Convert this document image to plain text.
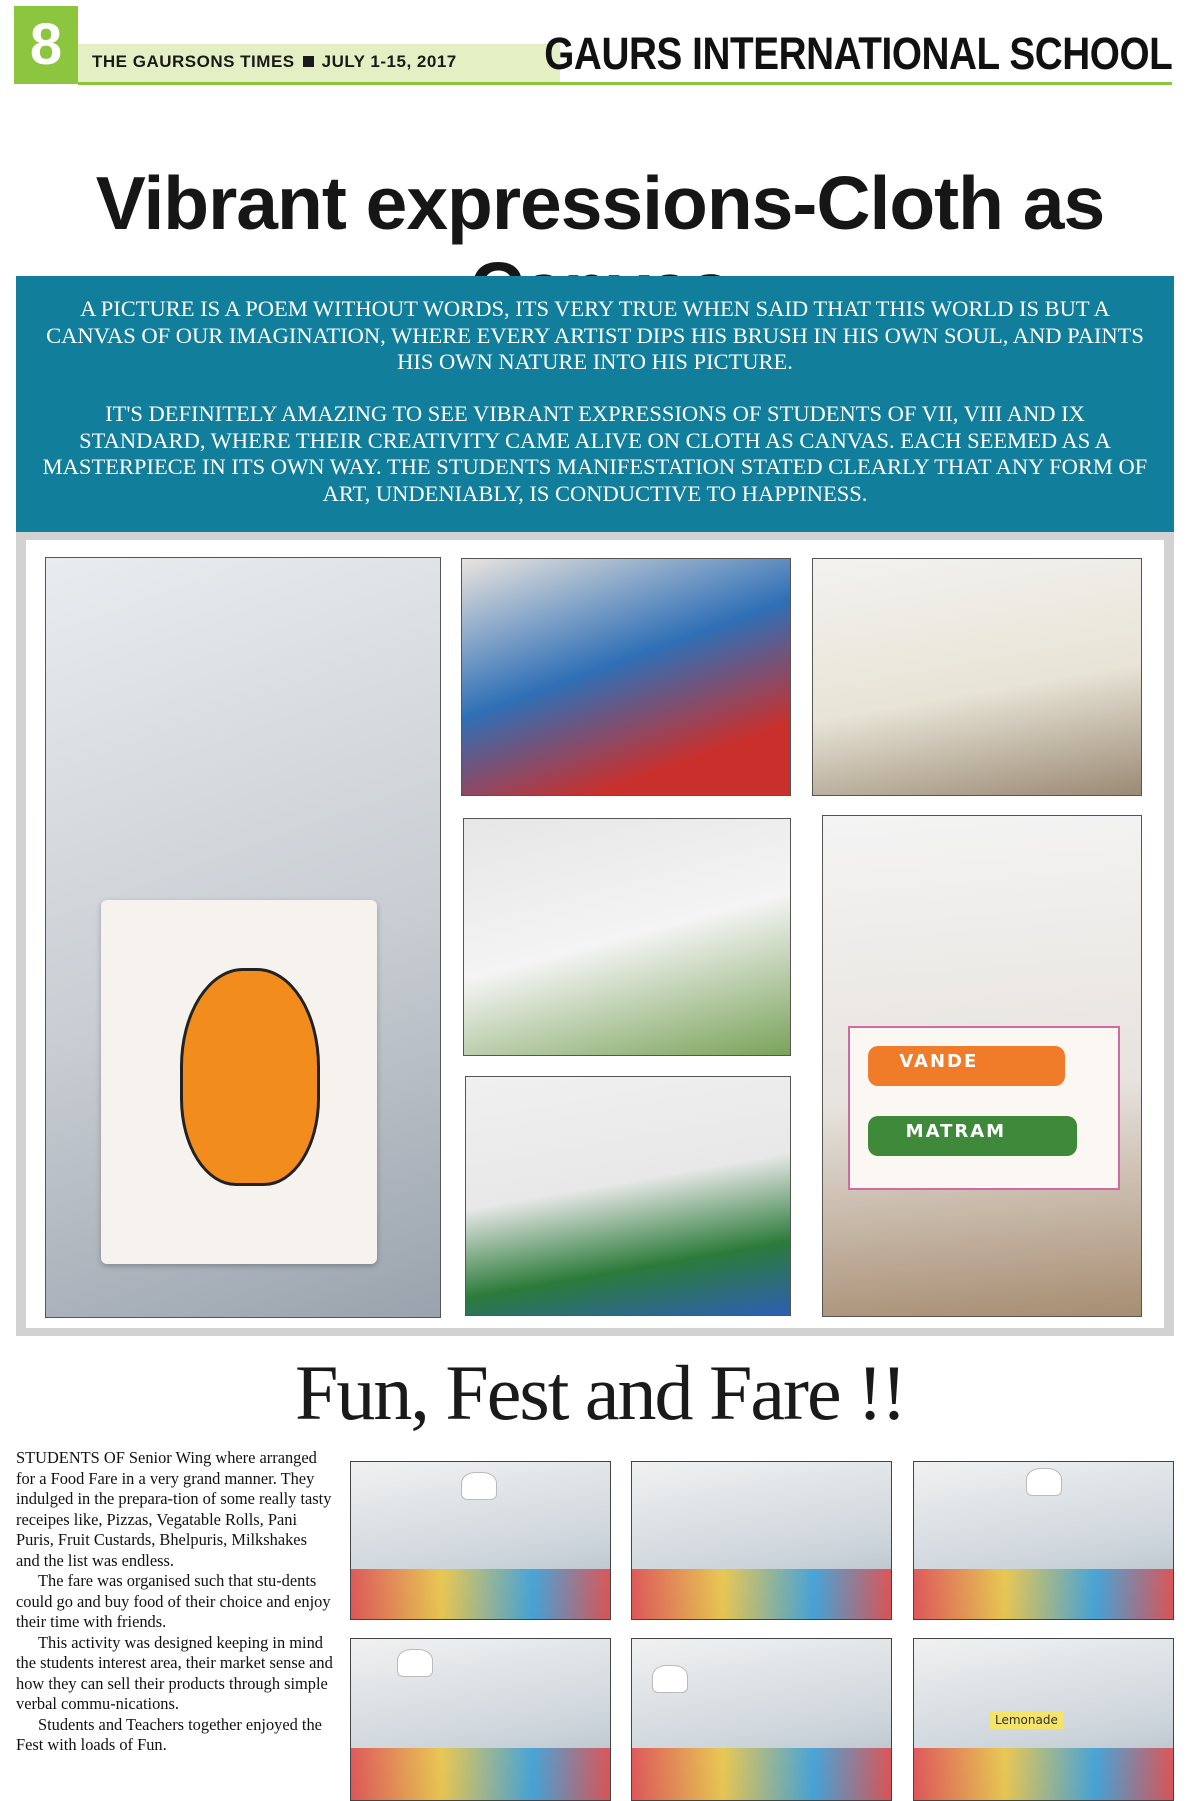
8	THE GAURSONS TIMES JULY 1-15, 2017 GAURS INTERNATIONAL SCHOOL
Vibrant expressions-Cloth as
A PICTURE IS A POEM WITHOUT WORDS, ITS VERY TRUE WHEN SAID THAT THIS WORLD IS BUT A CANVAS OF OUR IMAGINATION, WHERE EVERY ARTIST DIPS HIS BRUSH IN HIS OWN SOUL, AND PAINTS HIS OWN NATURE INTO HIS PICTURE.
IT'S DEFINITELY AMAZING TO SEE VIBRANT EXPRESSIONS OF STUDENTS OF VII, VIII AND IX STANDARD, WHERE THEIR CREATIVITY CAME ALIVE ON CLOTH AS CANVAS. EACH SEEMED AS A MASTERPIECE IN ITS OWN WAY. THE STUDENTS MANIFESTATION STATED CLEARLY THAT ANY FORM OF ART, UNDENIABLY, IS CONDUCTIVE TO HAPPINESS.
VANDE
MATRAM
Fun, Fest and Fare !!

STUDENTS OF Senior Wing where arranged for a Food Fare in a very grand manner. They indulged in the prepara-tion of some really tasty receipes like, Pizzas, Vegatable Rolls, Pani Puris, Fruit Custards, Bhelpuris, Milkshakes and the list was endless.

The fare was organised such that stu-dents could go and buy food of their choice and enjoy their time with friends.

This activity was designed keeping in mind the students interest area, their market sense and how they can sell their products through simple verbal commu-nications.

Students and Teachers together enjoyed the Fest with loads of Fun.

Lemonade
